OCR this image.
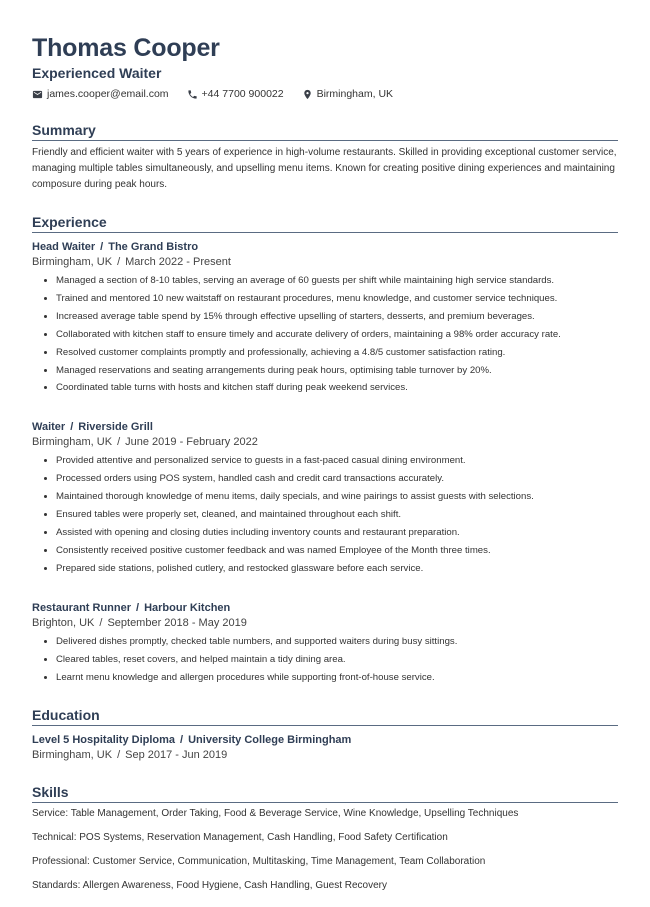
Thomas Cooper
Experienced Waiter
james.cooper@email.com	+44 7700 900022	Birmingham, UK
Summary
Friendly and efficient waiter with 5 years of experience in high-volume restaurants. Skilled in providing exceptional customer service, managing multiple tables simultaneously, and upselling menu items. Known for creating positive dining experiences and maintaining composure during peak hours.
Experience
Head Waiter / The Grand Bistro
Birmingham, UK / March 2022 - Present
• Managed a section of 8-10 tables, serving an average of 60 guests per shift while maintaining high service standards.
• Trained and mentored 10 new waitstaff on restaurant procedures, menu knowledge, and customer service techniques.
• Increased average table spend by 15% through effective upselling of starters, desserts, and premium beverages.
• Collaborated with kitchen staff to ensure timely and accurate delivery of orders, maintaining a 98% order accuracy rate.
• Resolved customer complaints promptly and professionally, achieving a 4.8/5 customer satisfaction rating.
• Managed reservations and seating arrangements during peak hours, optimising table turnover by 20%.
• Coordinated table turns with hosts and kitchen staff during peak weekend services.
Waiter / Riverside Grill
Birmingham, UK / June 2019 - February 2022
• Provided attentive and personalized service to guests in a fast-paced casual dining environment.
• Processed orders using POS system, handled cash and credit card transactions accurately.
• Maintained thorough knowledge of menu items, daily specials, and wine pairings to assist guests with selections.
• Ensured tables were properly set, cleaned, and maintained throughout each shift.
• Assisted with opening and closing duties including inventory counts and restaurant preparation.
• Consistently received positive customer feedback and was named Employee of the Month three times.
• Prepared side stations, polished cutlery, and restocked glassware before each service.
Restaurant Runner / Harbour Kitchen
Brighton, UK / September 2018 - May 2019
• Delivered dishes promptly, checked table numbers, and supported waiters during busy sittings.
• Cleared tables, reset covers, and helped maintain a tidy dining area.
• Learnt menu knowledge and allergen procedures while supporting front-of-house service.
Education
Level 5 Hospitality Diploma / University College Birmingham
Birmingham, UK / Sep 2017 - Jun 2019
Skills
Service: Table Management, Order Taking, Food & Beverage Service, Wine Knowledge, Upselling Techniques
Technical: POS Systems, Reservation Management, Cash Handling, Food Safety Certification
Professional: Customer Service, Communication, Multitasking, Time Management, Team Collaboration
Standards: Allergen Awareness, Food Hygiene, Cash Handling, Guest Recovery
